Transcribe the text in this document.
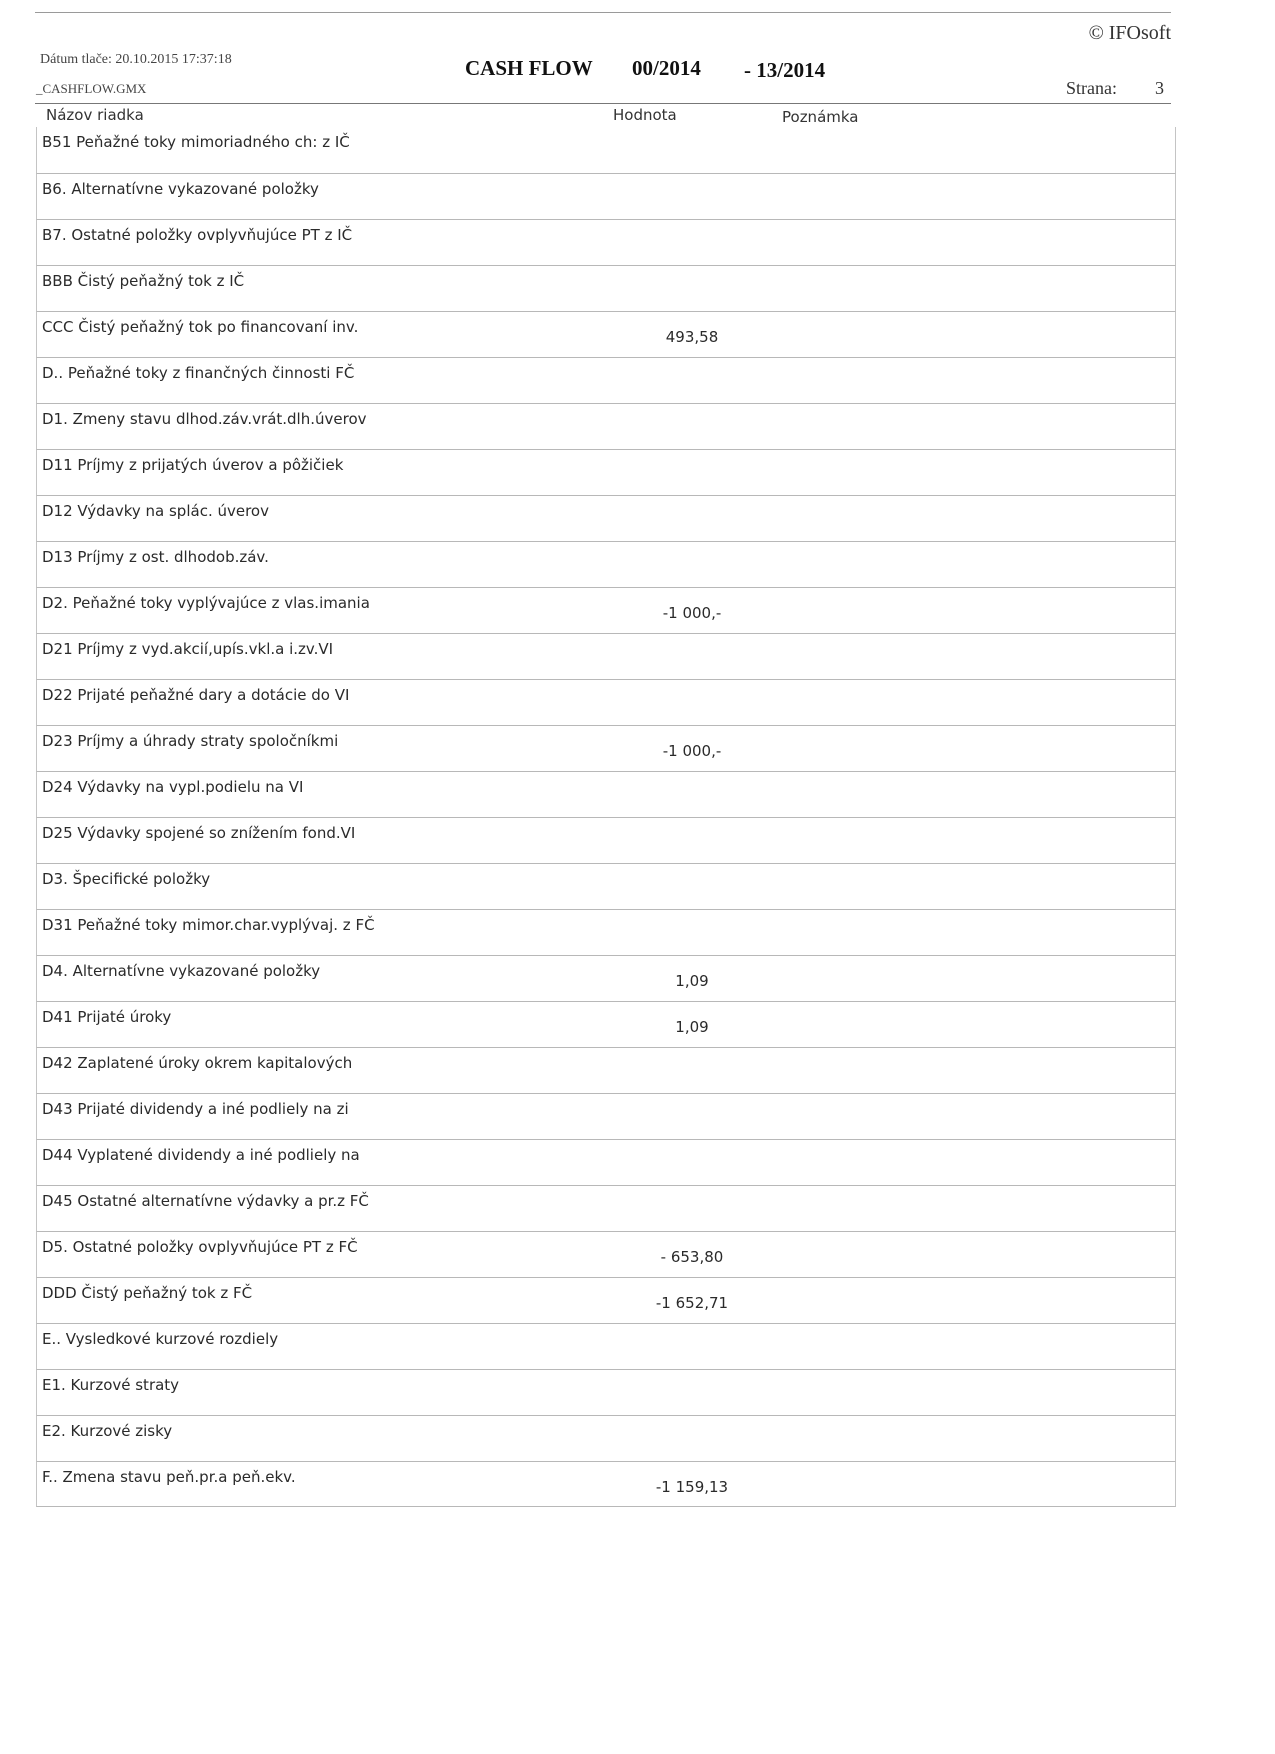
© IFOsoft
Dátum tlače: 20.10.2015 17:37:18
_CASHFLOW.GMX
CASH FLOW 00/2014 - 13/2014
Strana: 3
Názov riadka	Hodnota	Poznámka
B51 Peňažné toky mimoriadného ch: z IČ
B6. Alternatívne vykazované položky
B7. Ostatné položky ovplyvňujúce PT z IČ
BBB Čistý peňažný tok z IČ
CCC Čistý peňažný tok po financovaní inv.
493,58
D.. Peňažné toky z finančných činnosti FČ
D1. Zmeny stavu dlhod.záv.vrát.dlh.úverov
D11 Príjmy z prijatých úverov a pôžičiek
D12 Výdavky na splác. úverov
D13 Príjmy z ost. dlhodob.záv.
D2. Peňažné toky vyplývajúce z vlas.imania
-1 000,-
D21 Príjmy z vyd.akcií,upís.vkl.a i.zv.VI
D22 Prijaté peňažné dary a dotácie do VI
D23 Príjmy a úhrady straty spoločníkmi
-1 000,-
D24 Výdavky na vypl.podielu na VI
D25 Výdavky spojené so znížením fond.VI
D3. Špecifické položky
D31 Peňažné toky mimor.char.vyplývaj. z FČ
D4. Alternatívne vykazované položky
1,09
D41 Prijaté úroky
1,09
D42 Zaplatené úroky okrem kapitalových
D43 Prijaté dividendy a iné podliely na zi
D44 Vyplatené dividendy a iné podliely na
D45 Ostatné alternatívne výdavky a pr.z FČ
D5. Ostatné položky ovplyvňujúce PT z FČ
- 653,80
DDD Čistý peňažný tok z FČ
-1 652,71
E.. Vysledkové kurzové rozdiely
E1. Kurzové straty
E2. Kurzové zisky
F.. Zmena stavu peň.pr.a peň.ekv.
-1 159,13
